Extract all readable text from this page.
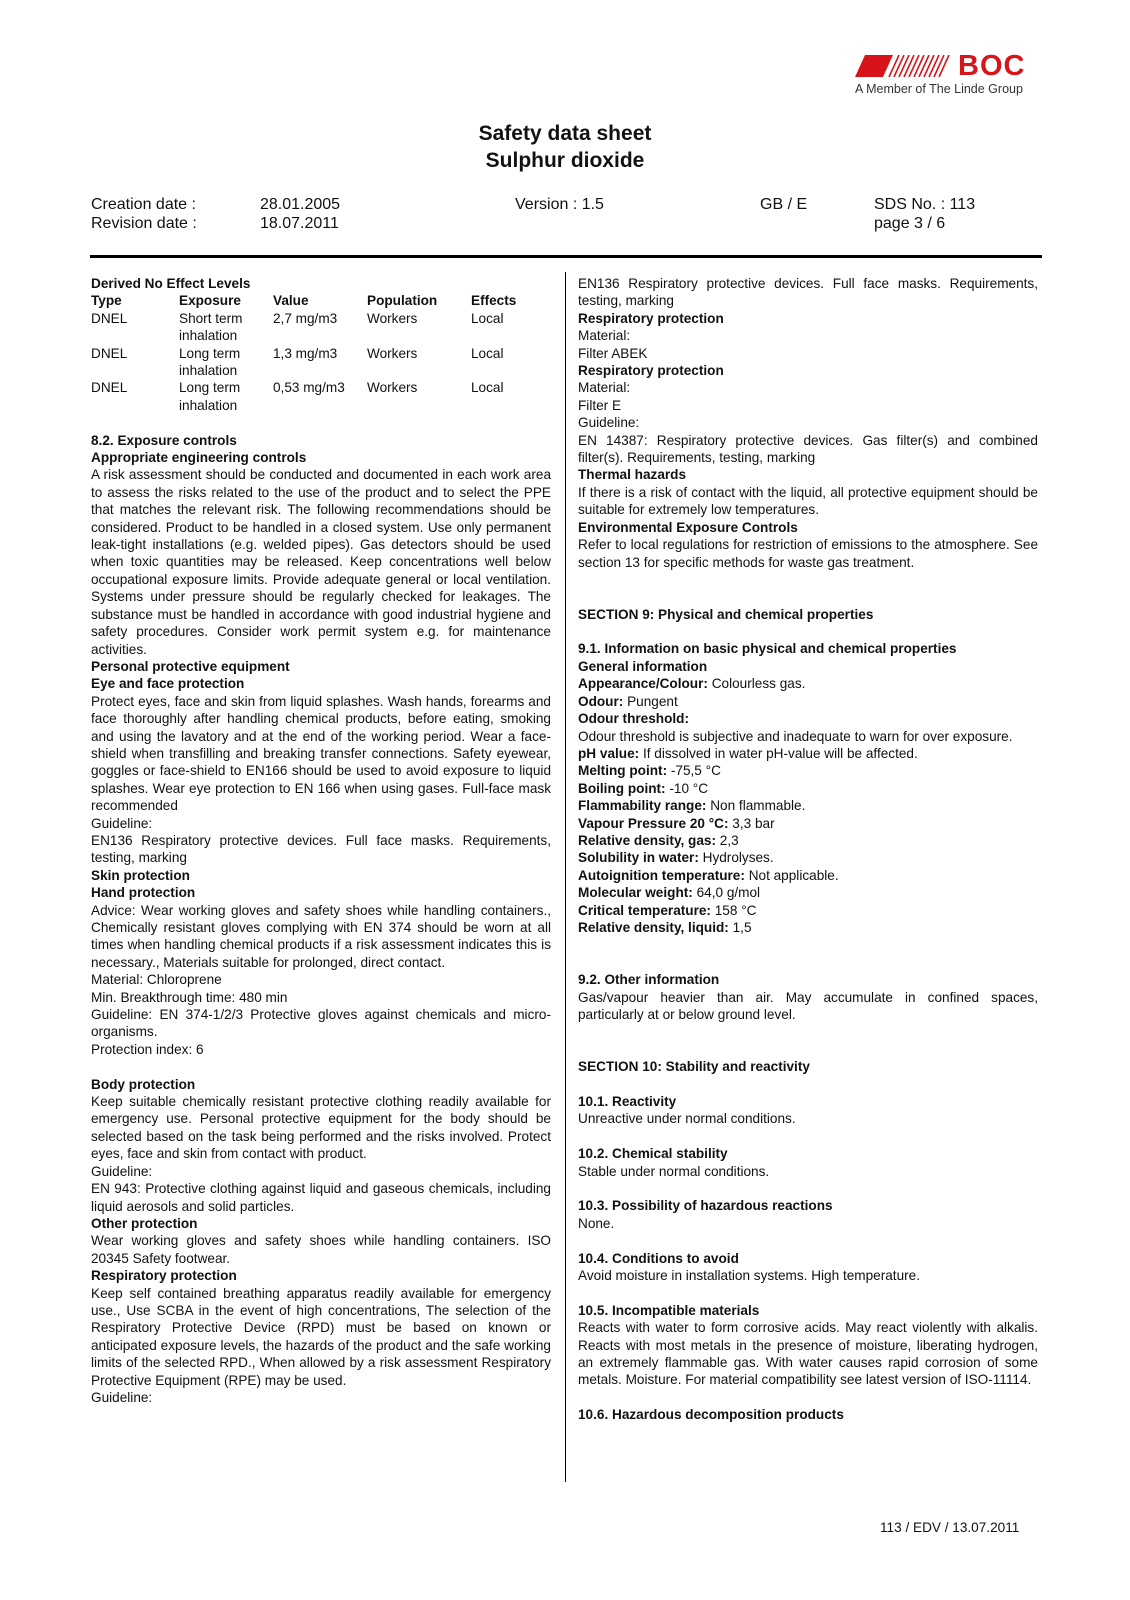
BOC
A Member of The Linde Group
Safety data sheet
Sulphur dioxide
Creation date :	28.01.2005
Revision date :	18.07.2011
Version : 1.5	GB / E	SDS No. : 113
page 3 / 6

Derived No Effect Levels

Type	Exposure	Value	Population	Effects
DNEL	Short term inhalation	2,7 mg/m3	Workers	Local
DNEL	Long term inhalation	1,3 mg/m3	Workers	Local
DNEL	Long term inhalation	0,53 mg/m3	Workers	Local

8.2. Exposure controls

Appropriate engineering controls

A risk assessment should be conducted and documented in each work area to assess the risks related to the use of the product and to select the PPE that matches the relevant risk. The following recommendations should be considered. Product to be handled in a closed system. Use only permanent leak-tight installations (e.g. welded pipes). Gas detectors should be used when toxic quantities may be released. Keep concentrations well below occupational exposure limits. Provide adequate general or local ventilation. Systems under pressure should be regularly checked for leakages. The substance must be handled in accordance with good industrial hygiene and safety procedures. Consider work permit system e.g. for maintenance activities.

Personal protective equipment

Eye and face protection

Protect eyes, face and skin from liquid splashes. Wash hands, forearms and face thoroughly after handling chemical products, before eating, smoking and using the lavatory and at the end of the working period. Wear a face-shield when transfilling and breaking transfer connections. Safety eyewear, goggles or face-shield to EN166 should be used to avoid exposure to liquid splashes. Wear eye protection to EN 166 when using gases. Full-face mask recommended

Guideline:

EN136 Respiratory protective devices. Full face masks. Requirements, testing, marking

Skin protection

Hand protection

Advice: Wear working gloves and safety shoes while handling containers., Chemically resistant gloves complying with EN 374 should be worn at all times when handling chemical products if a risk assessment indicates this is necessary., Materials suitable for prolonged, direct contact.

Material: Chloroprene

Min. Breakthrough time: 480 min

Guideline: EN 374-1/2/3 Protective gloves against chemicals and micro-organisms.

Protection index: 6

Body protection

Keep suitable chemically resistant protective clothing readily available for emergency use. Personal protective equipment for the body should be selected based on the task being performed and the risks involved. Protect eyes, face and skin from contact with product.

Guideline:

EN 943: Protective clothing against liquid and gaseous chemicals, including liquid aerosols and solid particles.

Other protection

Wear working gloves and safety shoes while handling containers. ISO 20345 Safety footwear.

Respiratory protection

Keep self contained breathing apparatus readily available for emergency use., Use SCBA in the event of high concentrations, The selection of the Respiratory Protective Device (RPD) must be based on known or anticipated exposure levels, the hazards of the product and the safe working limits of the selected RPD., When allowed by a risk assessment Respiratory Protective Equipment (RPE) may be used.

Guideline:

EN136 Respiratory protective devices. Full face masks. Requirements, testing, marking

Respiratory protection

Material:

Filter ABEK

Respiratory protection

Material:

Filter E

Guideline:

EN 14387: Respiratory protective devices. Gas filter(s) and combined filter(s). Requirements, testing, marking

Thermal hazards

If there is a risk of contact with the liquid, all protective equipment should be suitable for extremely low temperatures.

Environmental Exposure Controls

Refer to local regulations for restriction of emissions to the atmosphere. See section 13 for specific methods for waste gas treatment.

SECTION 9: Physical and chemical properties

9.1. Information on basic physical and chemical properties

General information

Appearance/Colour: Colourless gas.

Odour: Pungent

Odour threshold:

Odour threshold is subjective and inadequate to warn for over exposure.

pH value: If dissolved in water pH-value will be affected.

Melting point: -75,5 °C

Boiling point: -10 °C

Flammability range: Non flammable.

Vapour Pressure 20 °C: 3,3 bar

Relative density, gas: 2,3

Solubility in water: Hydrolyses.

Autoignition temperature: Not applicable.

Molecular weight: 64,0 g/mol

Critical temperature: 158 °C

Relative density, liquid: 1,5

9.2. Other information

Gas/vapour heavier than air. May accumulate in confined spaces, particularly at or below ground level.

SECTION 10: Stability and reactivity

10.1. Reactivity

Unreactive under normal conditions.

10.2. Chemical stability

Stable under normal conditions.

10.3. Possibility of hazardous reactions

None.

10.4. Conditions to avoid

Avoid moisture in installation systems. High temperature.

10.5. Incompatible materials

Reacts with water to form corrosive acids. May react violently with alkalis. Reacts with most metals in the presence of moisture, liberating hydrogen, an extremely flammable gas. With water causes rapid corrosion of some metals. Moisture. For material compatibility see latest version of ISO-11114.

10.6. Hazardous decomposition products

113 / EDV / 13.07.2011
